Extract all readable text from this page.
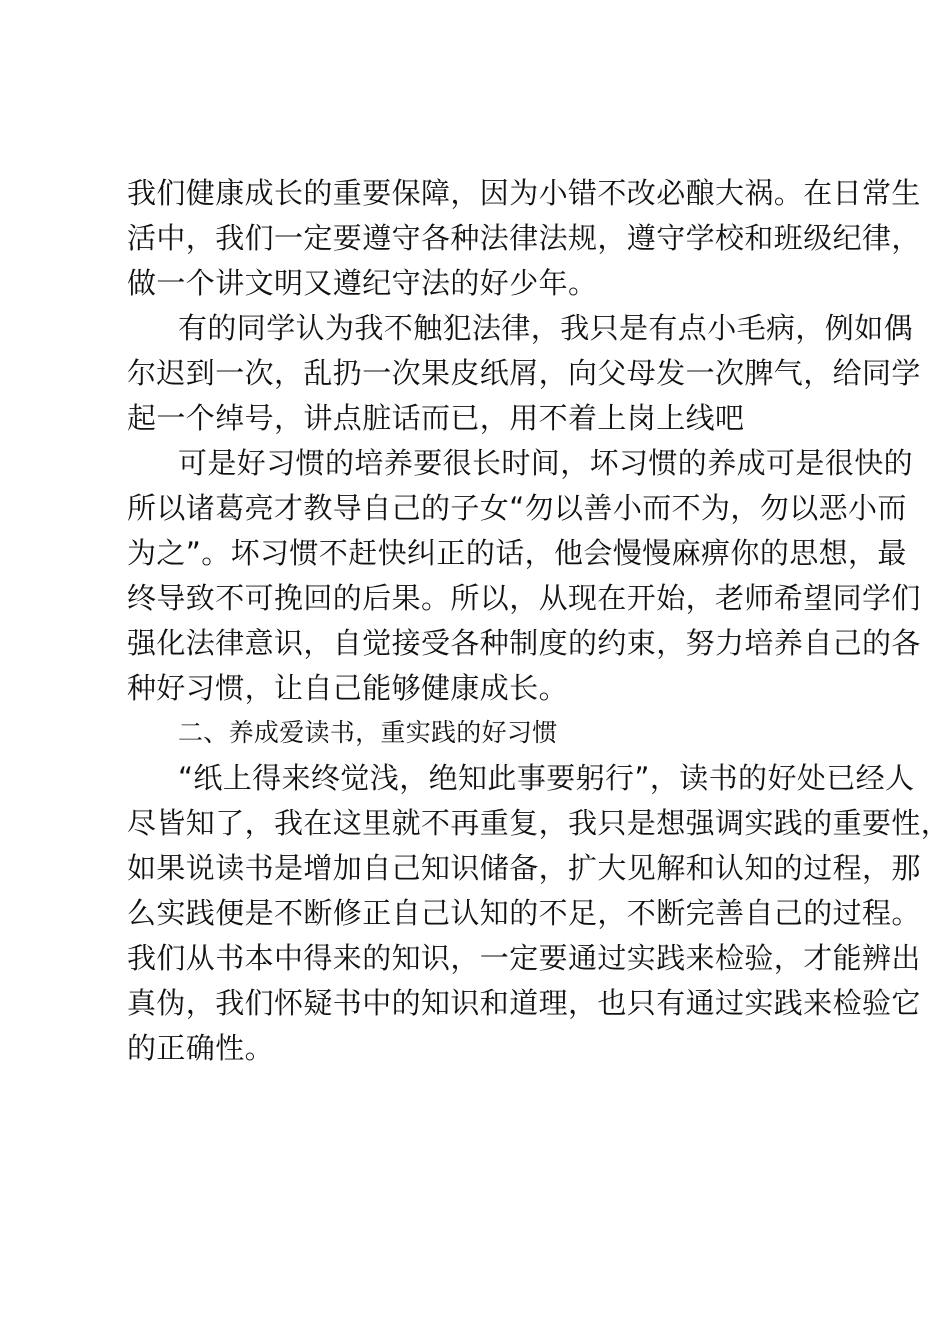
我们健康成长的重要保障，因为小错不改必酿大祸。在日常生
活中，我们一定要遵守各种法律法规，遵守学校和班级纪律，
做一个讲文明又遵纪守法的好少年。
有的同学认为我不触犯法律，我只是有点小毛病，例如偶
尔迟到一次，乱扔一次果皮纸屑，向父母发一次脾气，给同学
起一个绰号，讲点脏话而已，用不着上岗上线吧
可是好习惯的培养要很长时间，坏习惯的养成可是很快的
所以诸葛亮才教导自己的子女“勿以善小而不为，勿以恶小而
为之”。坏习惯不赶快纠正的话，他会慢慢麻痹你的思想，最
终导致不可挽回的后果。所以，从现在开始，老师希望同学们
强化法律意识，自觉接受各种制度的约束，努力培养自己的各
种好习惯，让自己能够健康成长。
二、养成爱读书，重实践的好习惯
“纸上得来终觉浅，绝知此事要躬行”，读书的好处已经人
尽皆知了，我在这里就不再重复，我只是想强调实践的重要性，
如果说读书是增加自己知识储备，扩大见解和认知的过程，那
么实践便是不断修正自己认知的不足，不断完善自己的过程。
我们从书本中得来的知识，一定要通过实践来检验，才能辨出
真伪，我们怀疑书中的知识和道理，也只有通过实践来检验它
的正确性。
